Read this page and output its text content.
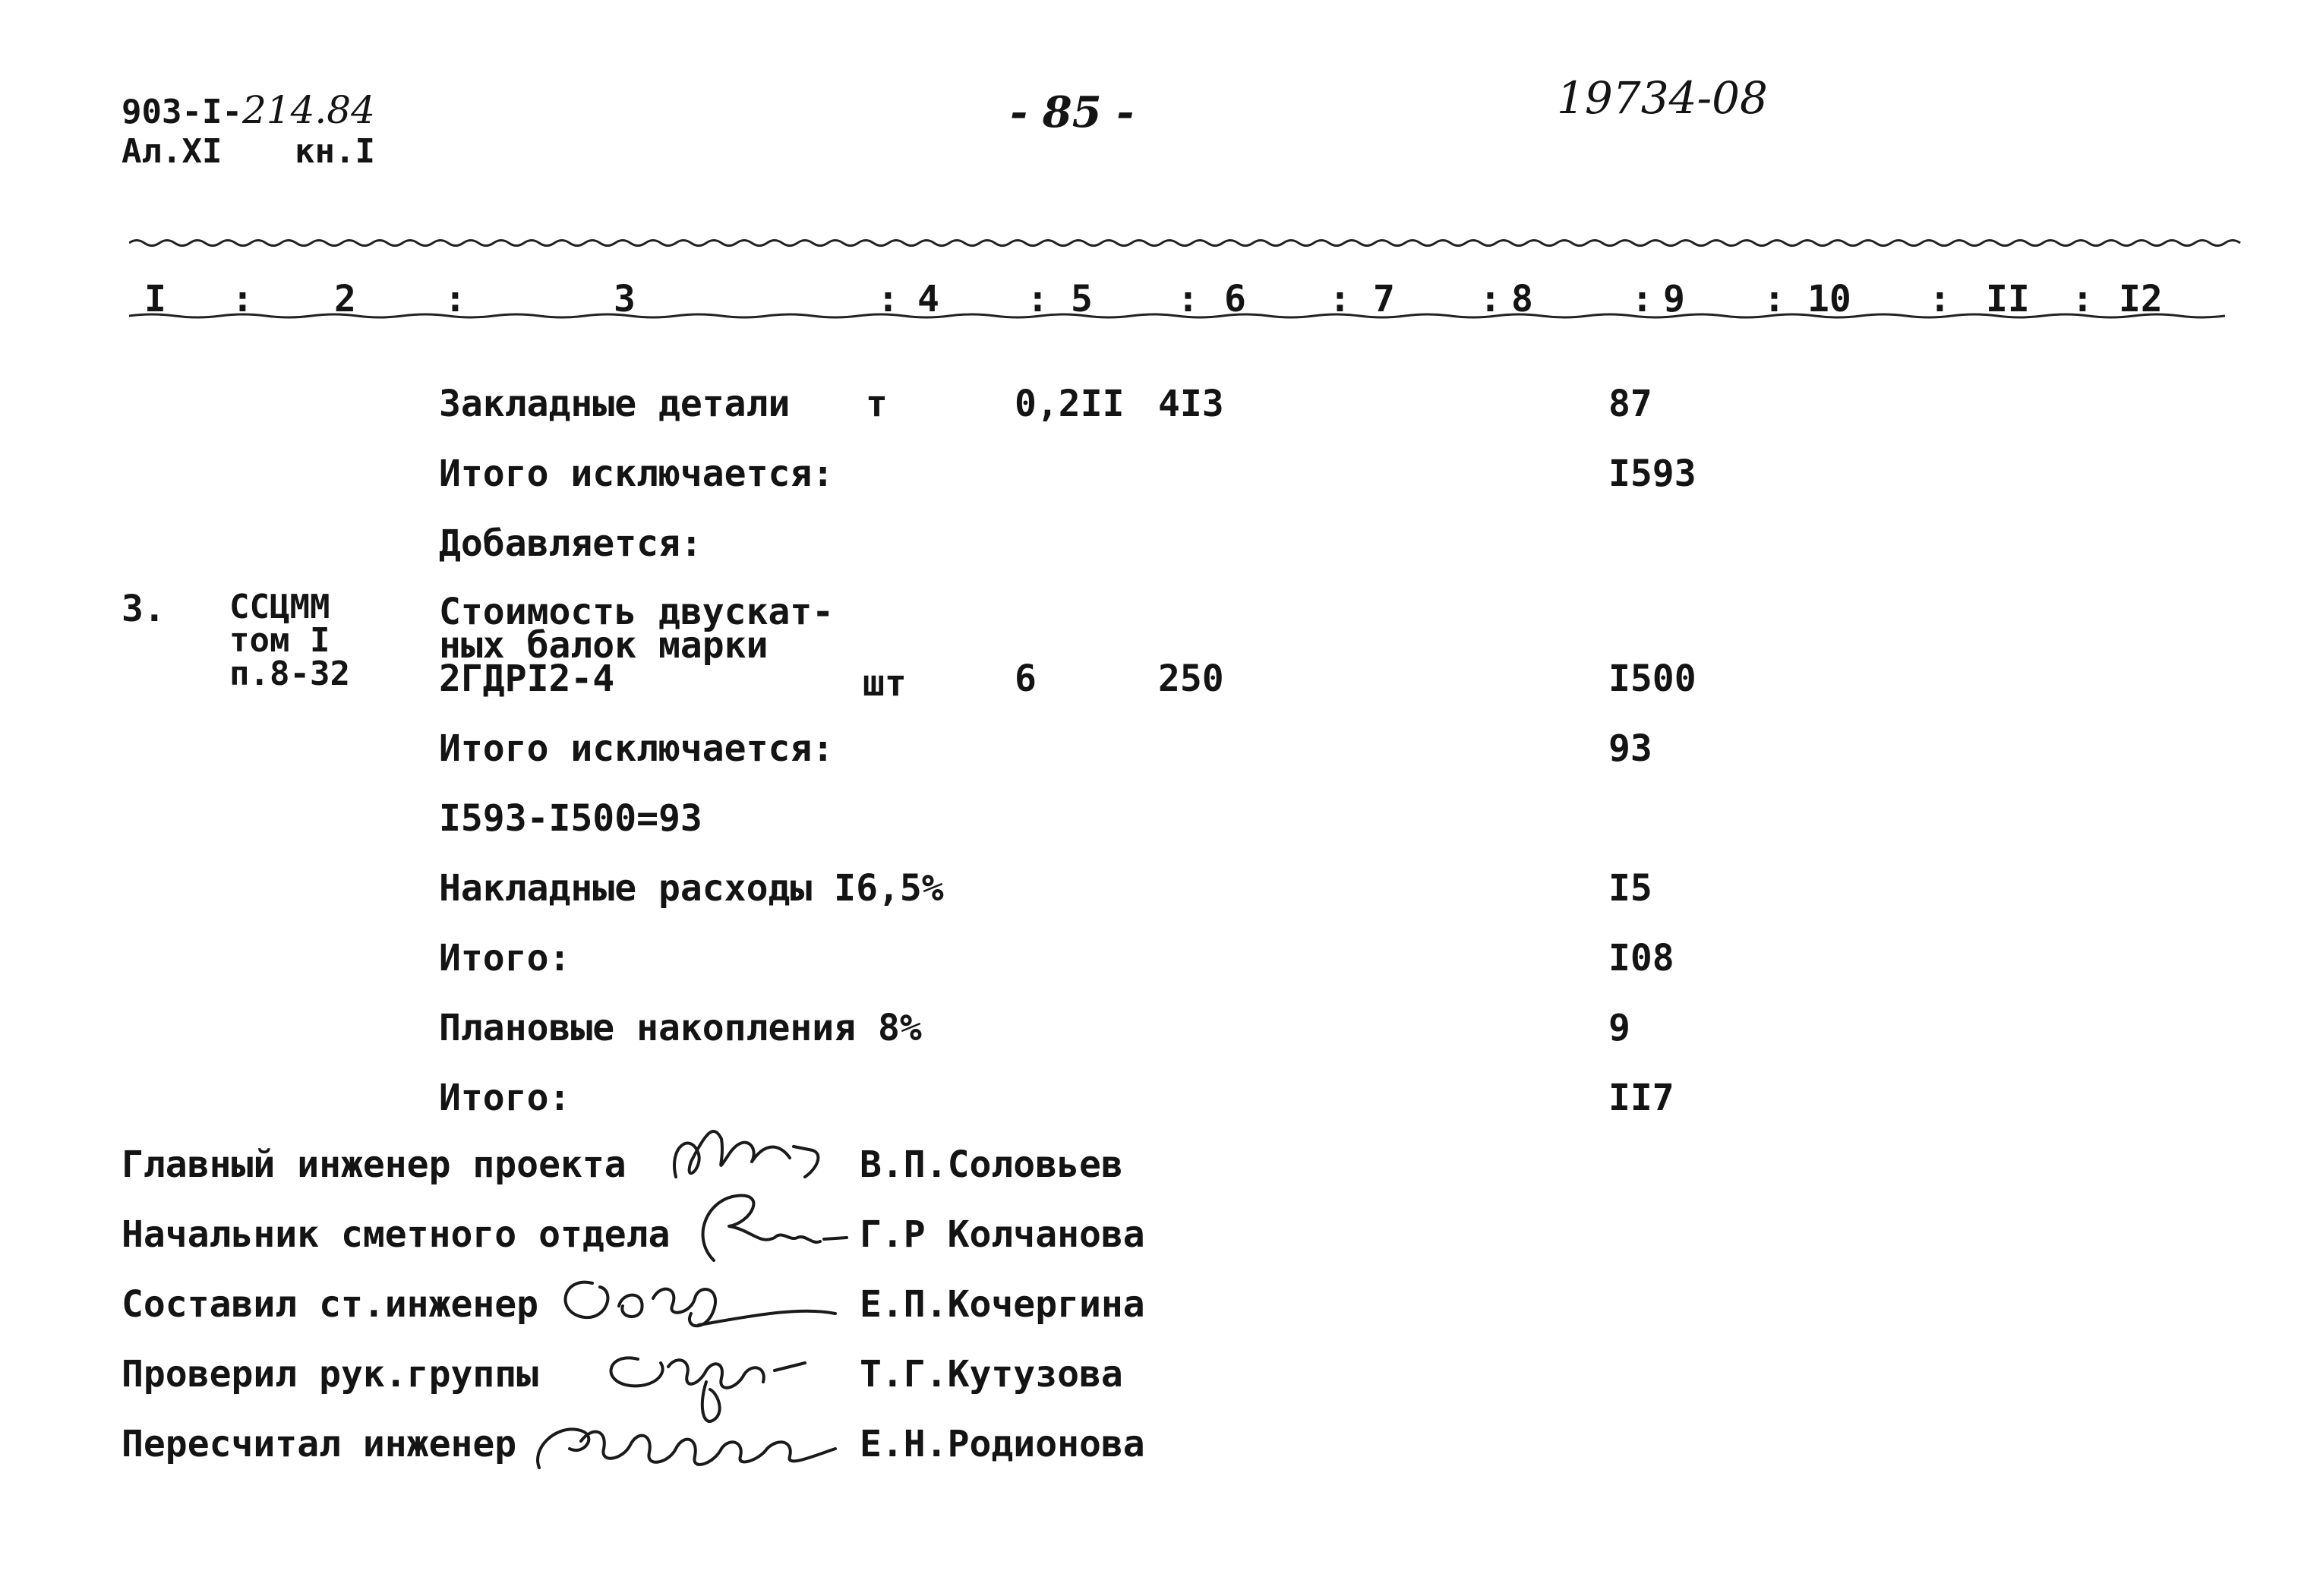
903-I-214.84
Ал.XI кн.I
- 85 -	19734-08
I : 2 :	3	: 4 : 5 : 6 : 7 : 8	: 9 : 10 : II : I2
Закладные детали т	0,2II 4I3	87
Итого исключается:	I593
Добавляется:
3. ССЦММ
том I
п.8-32
Стоимость двускат-
ных балок марки
2ГДРI2-4	шт	6	250	I500
Итого исключается:	93
I593-I500=93
Накладные расходы I6,5%	I5
Итого:	I08
Плановые накопления 8%	9
Итого:	II7
Главный инженер проекта	В.П.Соловьев
Начальник сметного отдела	Г.Р Колчанова
Составил ст.инженер	Е.П.Кочергина
Проверил рук.группы	Т.Г.Кутузова
Пересчитал инженер	Е.Н.Родионова
